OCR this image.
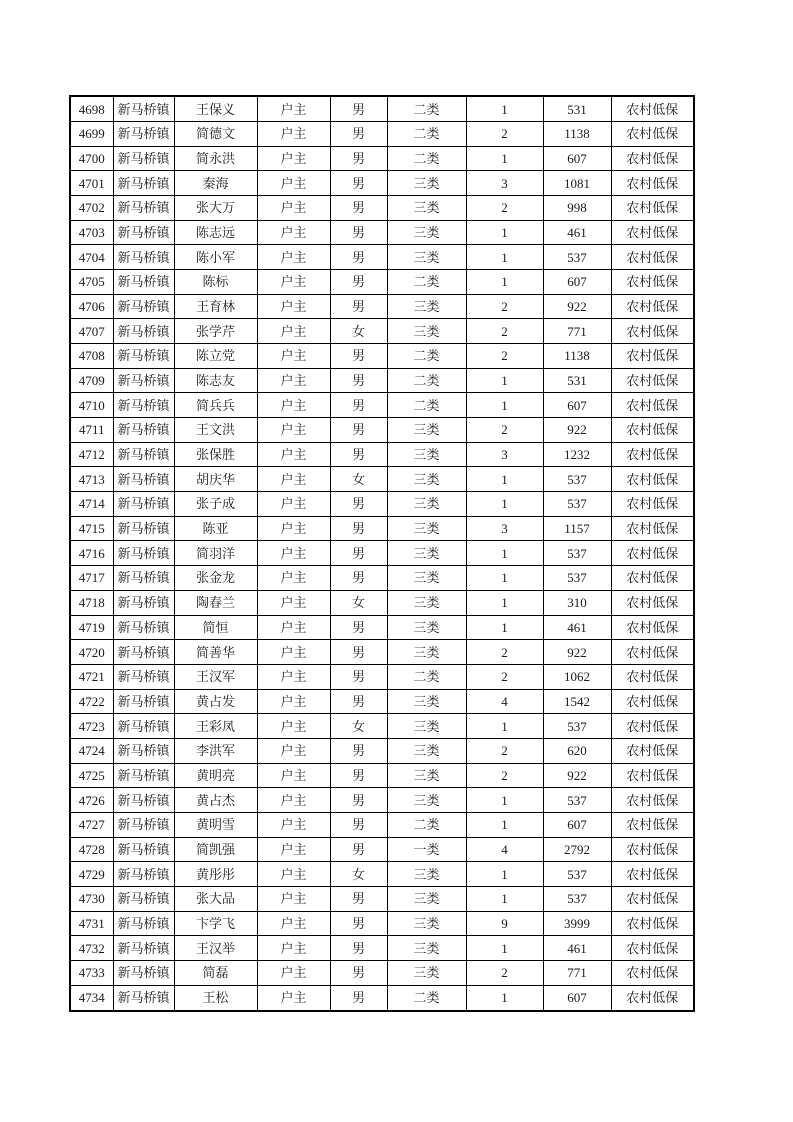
4698	新马桥镇	王保义	户主	男	二类	1	531	农村低保
4699	新马桥镇	简德文	户主	男	二类	2	1138	农村低保
4700	新马桥镇	简永洪	户主	男	二类	1	607	农村低保
4701	新马桥镇	秦海	户主	男	三类	3	1081	农村低保
4702	新马桥镇	张大万	户主	男	三类	2	998	农村低保
4703	新马桥镇	陈志远	户主	男	三类	1	461	农村低保
4704	新马桥镇	陈小军	户主	男	三类	1	537	农村低保
4705	新马桥镇	陈标	户主	男	二类	1	607	农村低保
4706	新马桥镇	王育林	户主	男	三类	2	922	农村低保
4707	新马桥镇	张学芹	户主	女	三类	2	771	农村低保
4708	新马桥镇	陈立党	户主	男	二类	2	1138	农村低保
4709	新马桥镇	陈志友	户主	男	二类	1	531	农村低保
4710	新马桥镇	简兵兵	户主	男	二类	1	607	农村低保
4711	新马桥镇	王文洪	户主	男	三类	2	922	农村低保
4712	新马桥镇	张保胜	户主	男	三类	3	1232	农村低保
4713	新马桥镇	胡庆华	户主	女	三类	1	537	农村低保
4714	新马桥镇	张子成	户主	男	三类	1	537	农村低保
4715	新马桥镇	陈亚	户主	男	三类	3	1157	农村低保
4716	新马桥镇	简羽洋	户主	男	三类	1	537	农村低保
4717	新马桥镇	张金龙	户主	男	三类	1	537	农村低保
4718	新马桥镇	陶春兰	户主	女	三类	1	310	农村低保
4719	新马桥镇	简恒	户主	男	三类	1	461	农村低保
4720	新马桥镇	简善华	户主	男	三类	2	922	农村低保
4721	新马桥镇	王汉军	户主	男	二类	2	1062	农村低保
4722	新马桥镇	黄占发	户主	男	三类	4	1542	农村低保
4723	新马桥镇	王彩凤	户主	女	三类	1	537	农村低保
4724	新马桥镇	李洪军	户主	男	三类	2	620	农村低保
4725	新马桥镇	黄明亮	户主	男	三类	2	922	农村低保
4726	新马桥镇	黄占杰	户主	男	三类	1	537	农村低保
4727	新马桥镇	黄明雪	户主	男	二类	1	607	农村低保
4728	新马桥镇	简凯强	户主	男	一类	4	2792	农村低保
4729	新马桥镇	黄彤彤	户主	女	三类	1	537	农村低保
4730	新马桥镇	张大品	户主	男	三类	1	537	农村低保
4731	新马桥镇	卞学飞	户主	男	三类	9	3999	农村低保
4732	新马桥镇	王汉举	户主	男	三类	1	461	农村低保
4733	新马桥镇	简磊	户主	男	三类	2	771	农村低保
4734	新马桥镇	王松	户主	男	二类	1	607	农村低保
